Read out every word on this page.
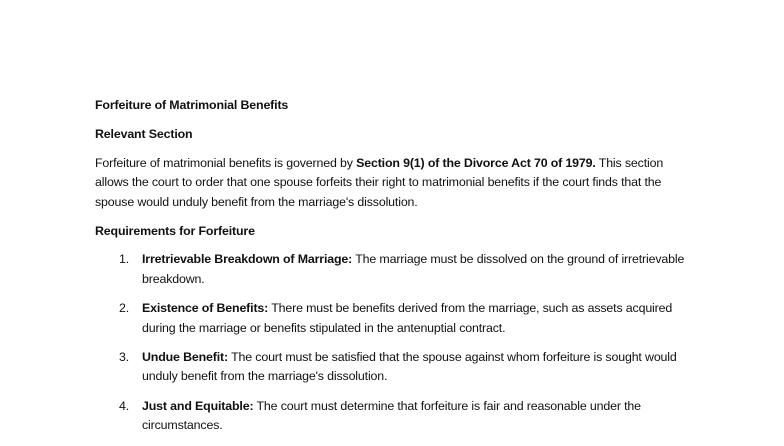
Forfeiture of Matrimonial Benefits

Relevant Section

Forfeiture of matrimonial benefits is governed by Section 9(1) of the Divorce Act 70 of 1979. This section allows the court to order that one spouse forfeits their right to matrimonial benefits if the court finds that the spouse would unduly benefit from the marriage's dissolution.

Requirements for Forfeiture

1. Irretrievable Breakdown of Marriage: The marriage must be dissolved on the ground of irretrievable breakdown.
2. Existence of Benefits: There must be benefits derived from the marriage, such as assets acquired during the marriage or benefits stipulated in the antenuptial contract.
3. Undue Benefit: The court must be satisfied that the spouse against whom forfeiture is sought would unduly benefit from the marriage's dissolution.
4. Just and Equitable: The court must determine that forfeiture is fair and reasonable under the circumstances.
